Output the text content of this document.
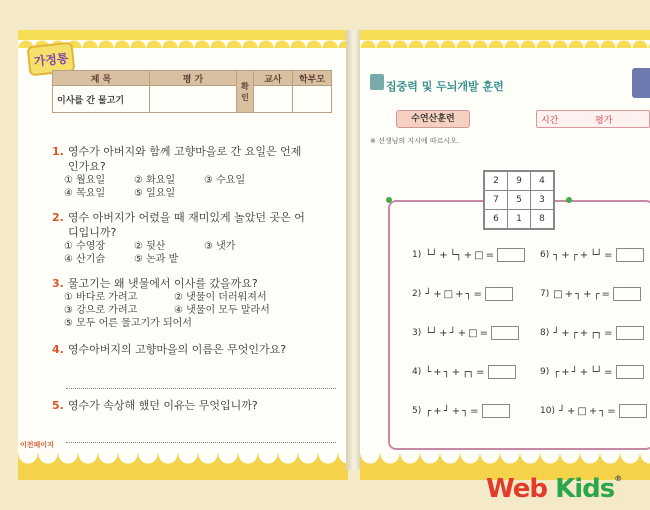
가정통
제 목	평 가	확인	교사	학부모
이사를 간 물고기				
1. 영수가 아버지와 함께 고향마을로 간 요일은 언제
인가요?
① 월요일	② 화요일	③ 수요일
④ 목요일	⑤ 일요일
2. 영수 아버지가 어렸을 때 재미있게 놀았던 곳은 어
디입니까?
① 수영장	② 뒷산	③ 냇가
④ 산기슭	⑤ 논과 밭
3. 물고기는 왜 냇물에서 이사를 갔을까요?
① 바다로 가려고	② 냇물이 더러워져서
③ 강으로 가려고	④ 냇물이 모두 말라서
⑤ 모두 어른 물고기가 되어서
4. 영수아버지의 고향마을의 이름은 무엇인가요?
5. 영수가 속상해 했던 이유는 무엇입니까?
이전페이지
집중력 및 두뇌개발 훈련
수연산훈련	시간	평가
※ 선생님의 지시에 따르시오.
2	9	4
7	5	3
6	1	8
1) └┘ + └┐ + □ =
2) ┘ + □ + ┐ =
3) └┘ + ┘ + □ =
4) └ + ┐ + ┌┐ =
5) ┌ + ┘ + ┐ =
6) ┐ + ┌ + └┘ =
7) □ + ┐ + ┌ =
8) ┘ + ┌ + ┌┐ =
9) ┌ + ┘ + └┘ =
10) ┘ + □ + ┐ =
Web Kids®
